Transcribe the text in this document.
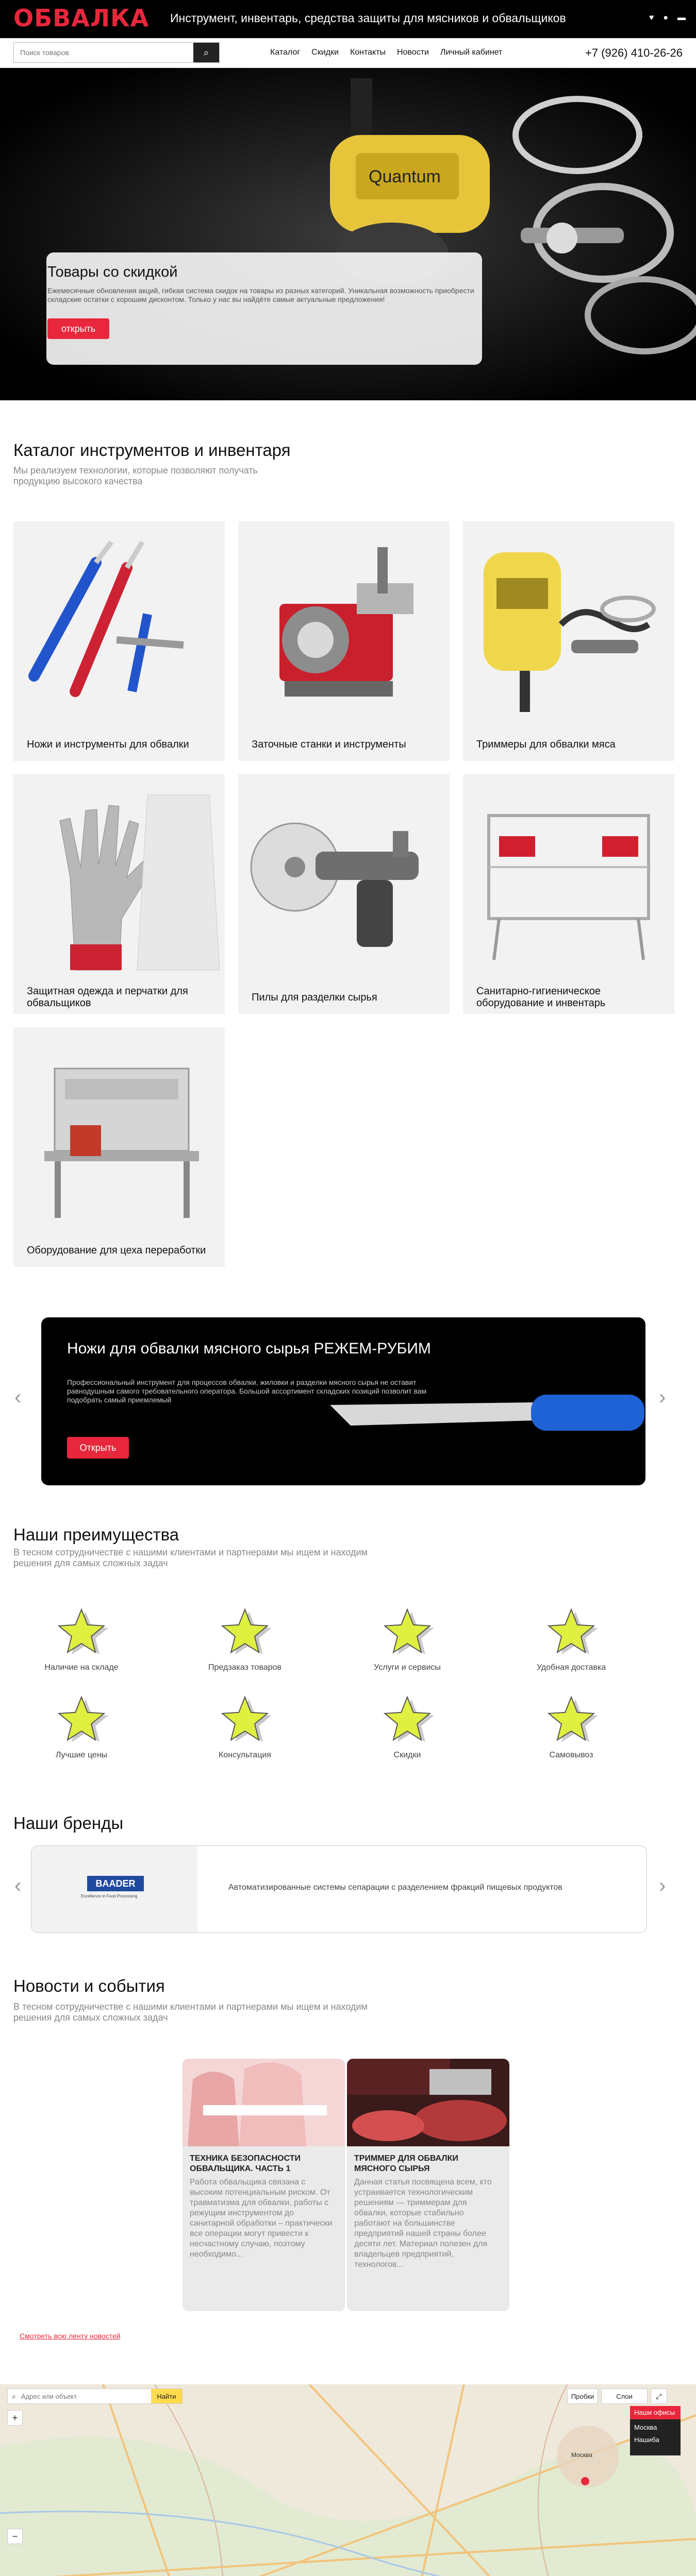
ОБВАЛКА Инструмент, инвентарь, средства защиты для мясников и обвальщиков	♥ ● ▬
Поиск товаров
⌕	Каталог Скидки Контакты Новости Личный кабинет	+7 (926) 410-26-26
Quantum
Товары со скидкой
Ежемесячные обновления акций, гибкая система скидок на товары из разных категорий. Уникальная возможность приобрести складские остатки с хорошим дисконтом. Только у нас вы найдёте самые актуальные предложения!
открыть
Каталог инструментов и инвентаря
Мы реализуем технологии, которые позволяют получать продукцию высокого качества
Ножи и инструменты для обвалки	Заточные станки и инструменты	Триммеры для обвалки мяса
Защитная одежда и перчатки для обвальщиков	Пилы для разделки сырья
Санитарно-гигиеническое оборудование и инвентарь
Оборудование для цеха переработки
‹	›
Ножи для обвалки мясного сырья РЕЖЕМ-РУБИМ
Профессиональный инструмент для процессов обвалки, жиловки и разделки мясного сырья не оставит равнодушным самого требовательного оператора. Большой ассортимент складских позиций позволит вам подобрать самый приемлемый
Открыть
Наши преимущества
В тесном сотрудничестве с нашими клиентами и партнерами мы ищем и находим решения для самых сложных задач
Наличие на складе	Предзаказ товаров	Услуги и сервисы	Удобная доставка
Лучшие цены	Консультация	Скидки	Самовывоз
Наши бренды
‹	›
BAADER
Excellence in Food Processing
Автоматизированные системы сепарации с разделением фракций пищевых продуктов
Новости и события
В тесном сотрудничестве с нашими клиентами и партнерами мы ищем и находим решения для самых сложных задач
ТЕХНИКА БЕЗОПАСНОСТИ ОБВАЛЬЩИКА. ЧАСТЬ 1
Работа обвальщика связана с высоким потенциальным риском. От травматизма для обвалки, работы с режущим инструментом до санитарной обработки – практически все операции могут привести к несчастному случаю, поэтому необходимо...
ТРИММЕР ДЛЯ ОБВАЛКИ МЯСНОГО СЫРЬЯ
Данная статья посвящена всем, кто устраивается технологическим решениям — триммерам для обвалки, которые стабильно работают на большинстве предприятий нашей страны более десяти лет. Материал полезен для владельцев предприятий, технологов...
Смотреть всю ленту новостей
⌕
Адрес или объект	Найти	Пробки	Слои	⤢
Наши офисы
Москва
Нашиба
Москва
+
−
